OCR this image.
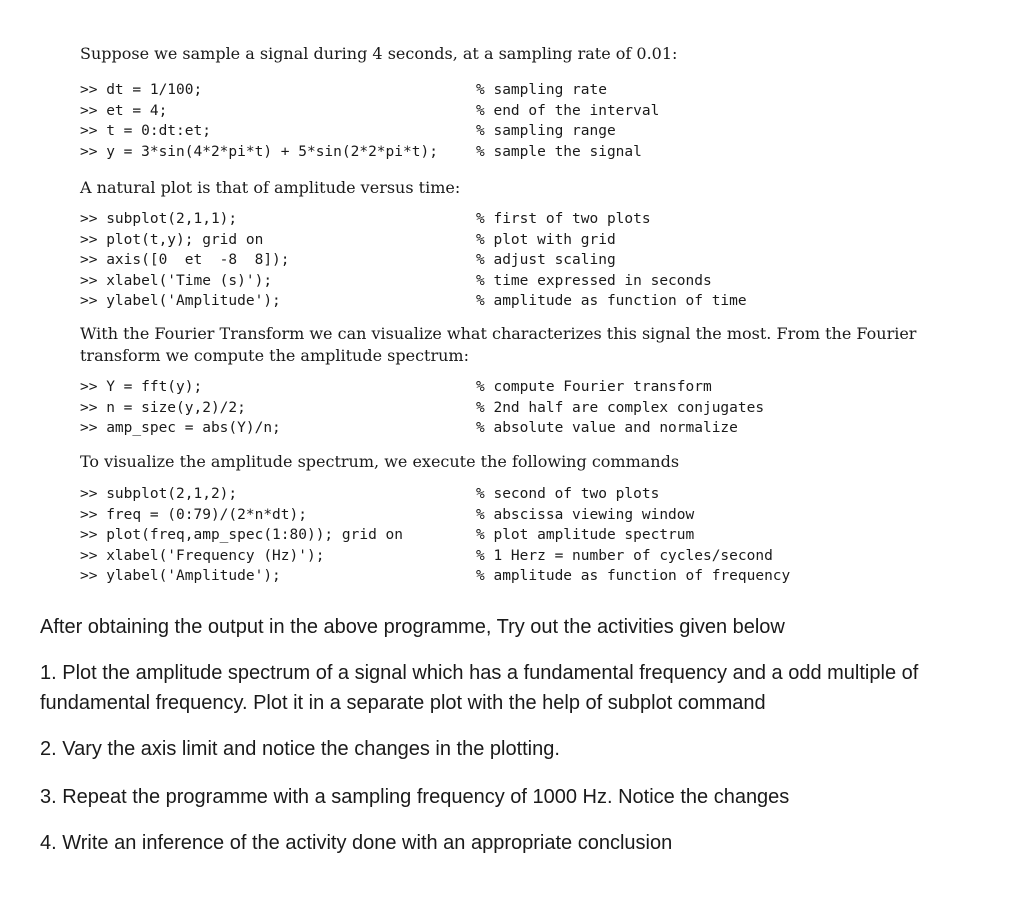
Suppose we sample a signal during 4 seconds, at a sampling rate of 0.01:
>> dt = 1/100;	% sampling rate
>> et = 4;	% end of the interval
>> t = 0:dt:et;	% sampling range
>> y = 3*sin(4*2*pi*t) + 5*sin(2*2*pi*t);	% sample the signal
A natural plot is that of amplitude versus time:
>> subplot(2,1,1);	% first of two plots
>> plot(t,y); grid on	% plot with grid
>> axis([0  et  -8  8]);	% adjust scaling
>> xlabel('Time (s)');	% time expressed in seconds
>> ylabel('Amplitude');	% amplitude as function of time
With the Fourier Transform we can visualize what characterizes this signal the most. From the Fourier transform we compute the amplitude spectrum:
>> Y = fft(y);	% compute Fourier transform
>> n = size(y,2)/2;	% 2nd half are complex conjugates
>> amp_spec = abs(Y)/n;	% absolute value and normalize
To visualize the amplitude spectrum, we execute the following commands
>> subplot(2,1,2);	% second of two plots
>> freq = (0:79)/(2*n*dt);	% abscissa viewing window
>> plot(freq,amp_spec(1:80)); grid on	% plot amplitude spectrum
>> xlabel('Frequency (Hz)');	% 1 Herz = number of cycles/second
>> ylabel('Amplitude');	% amplitude as function of frequency
After obtaining the output in the above programme, Try out the activities given below
1. Plot the amplitude spectrum of a signal which has a fundamental frequency and a odd multiple of fundamental frequency. Plot it in a separate plot with the help of subplot command
2. Vary the axis limit and notice the changes in the plotting.
3. Repeat the programme with a sampling frequency of 1000 Hz. Notice the changes
4. Write an inference of the activity done with an appropriate conclusion
